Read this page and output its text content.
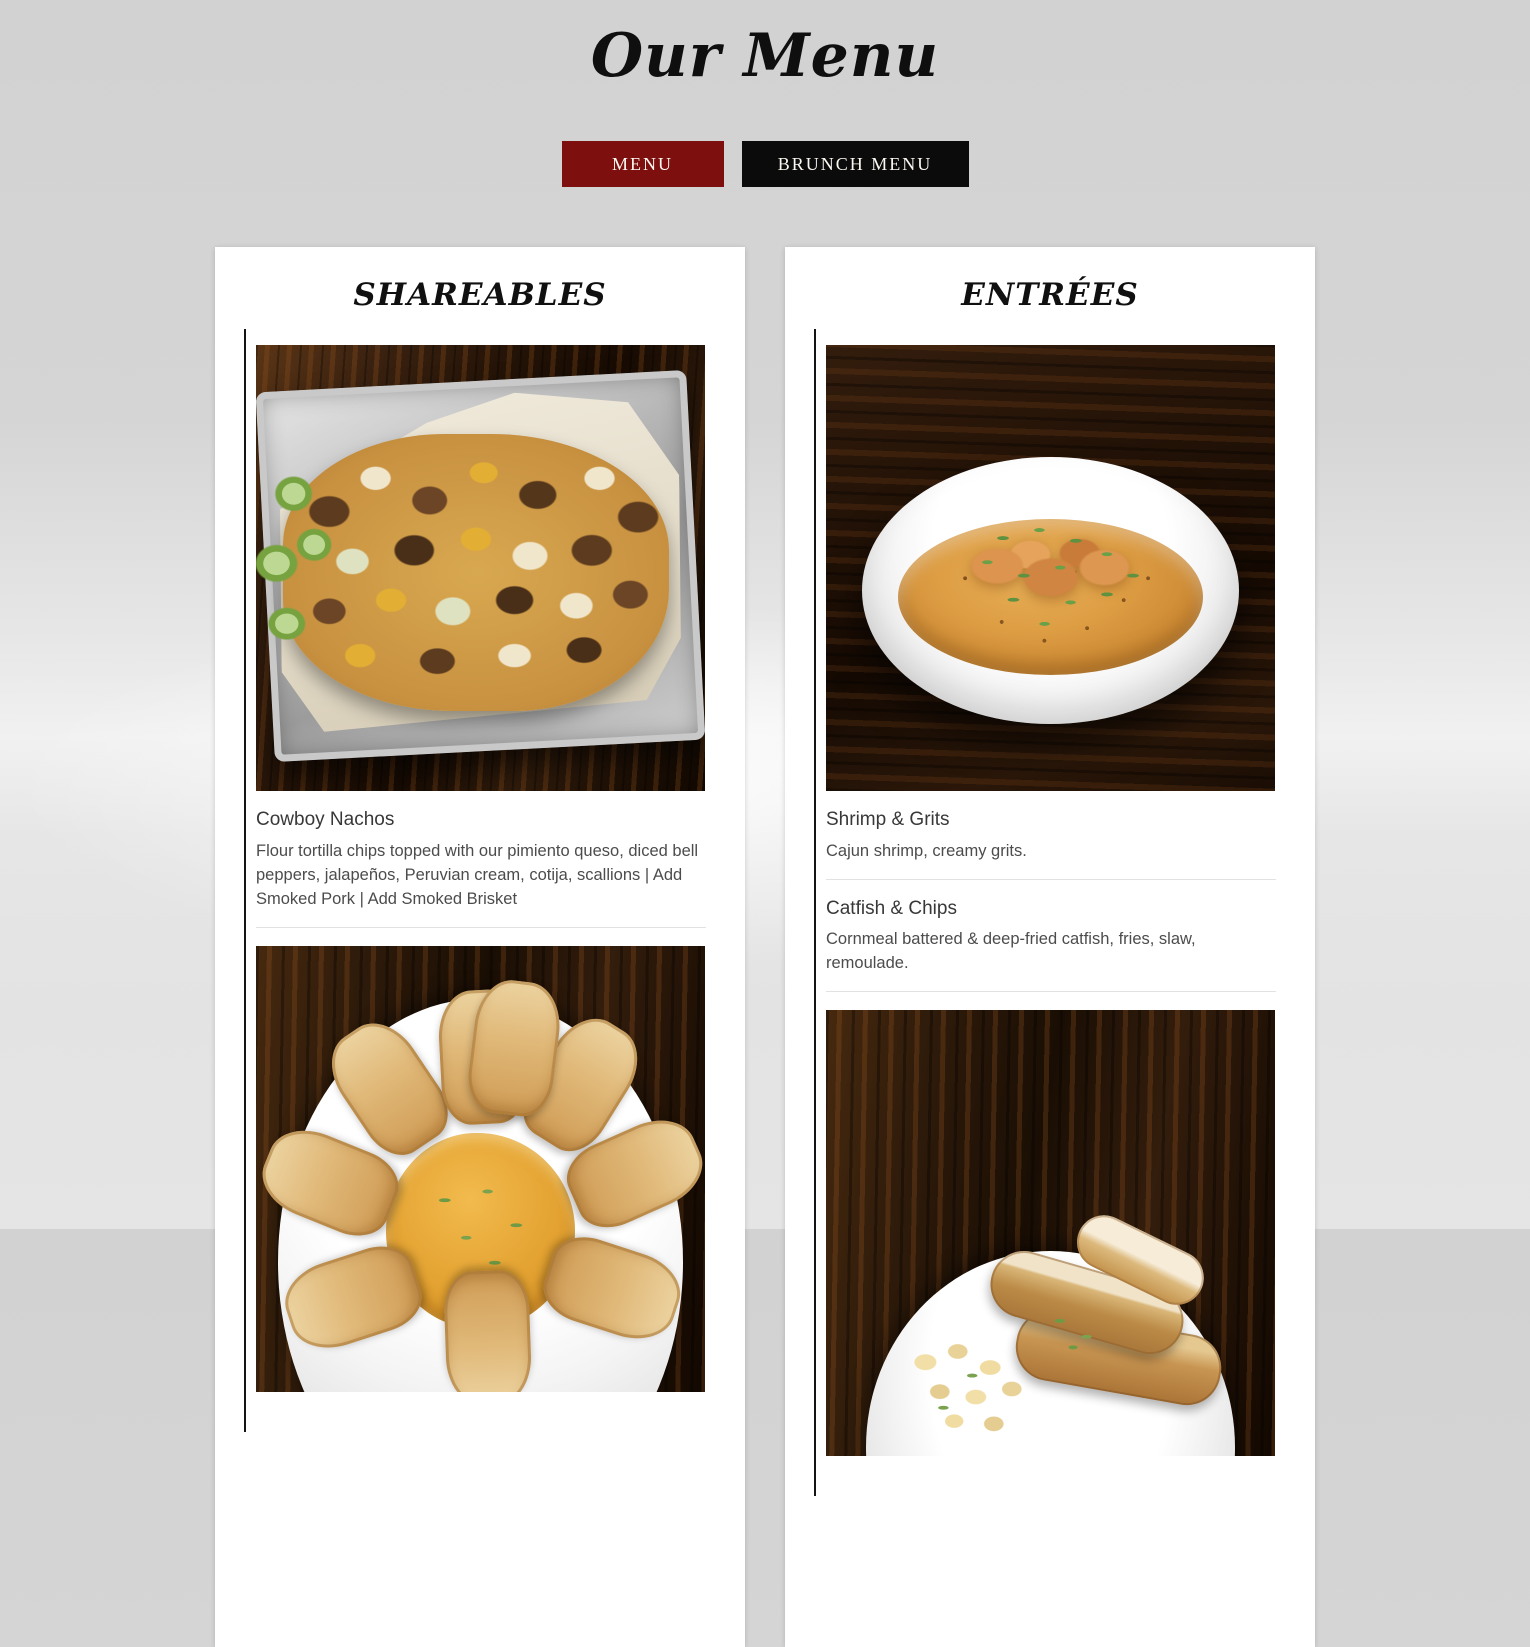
Our Menu
MENU	BRUNCH MENU
SHAREABLES
Cowboy Nachos

Flour tortilla chips topped with our pimiento queso, diced bell peppers, jalapeños, Peruvian cream, cotija, scallions | Add Smoked Pork | Add Smoked Brisket

ENTRÉES
Shrimp & Grits

Cajun shrimp, creamy grits.

Catfish & Chips

Cornmeal battered & deep-fried catfish, fries, slaw, remoulade.
